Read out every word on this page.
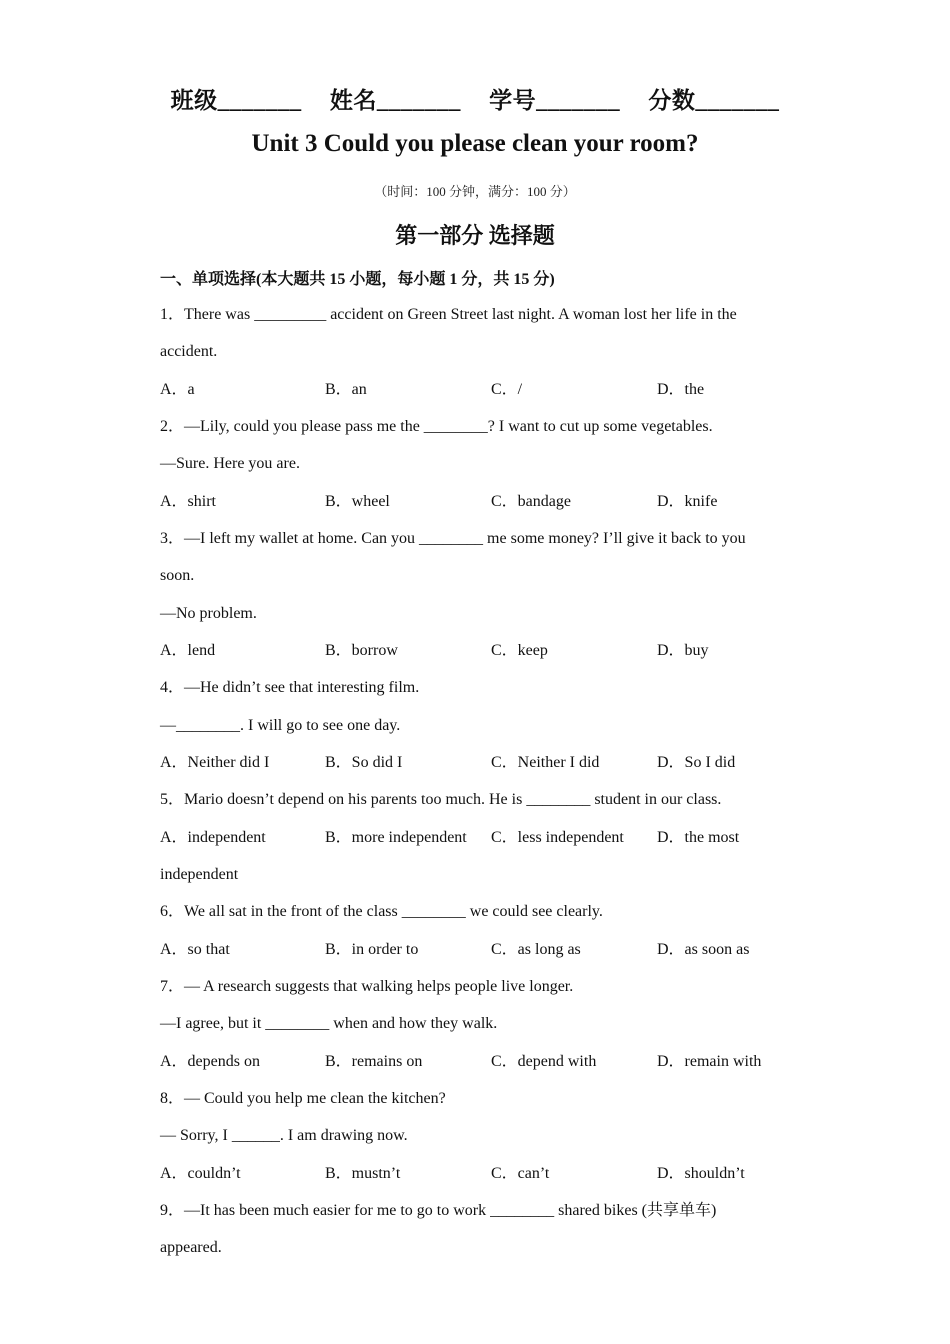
班级_______ 姓名_______ 学号_______ 分数_______
Unit 3 Could you please clean your room?
（时间：100 分钟，满分：100 分）
第一部分 选择题
一、单项选择(本大题共 15 小题，每小题 1 分，共 15 分)
1．There was _________ accident on Green Street last night. A woman lost her life in the
accident.
A．a	B．an	C．/	D．the
2．—Lily, could you please pass me the ________? I want to cut up some vegetables.
—Sure. Here you are.
A．shirt	B．wheel	C．bandage	D．knife
3．—I left my wallet at home. Can you ________ me some money? I’ll give it back to you
soon.
—No problem.
A．lend	B．borrow	C．keep	D．buy
4．—He didn’t see that interesting film.
—________. I will go to see one day.
A．Neither did I	B．So did I	C．Neither I did	D．So I did
5．Mario doesn’t depend on his parents too much. He is ________ student in our class.
A．independent	B．more independent C．less independent D．the most
independent
6．We all sat in the front of the class ________ we could see clearly.
A．so that	B．in order to	C．as long as	D．as soon as
7．— A research suggests that walking helps people live longer.
—I agree, but it ________ when and how they walk.
A．depends on	B．remains on	C．depend with	D．remain with
8．— Could you help me clean the kitchen?
— Sorry, I ______. I am drawing now.
A．couldn’t	B．mustn’t	C．can’t	D．shouldn’t
9．—It has been much easier for me to go to work ________ shared bikes (共享单车)
appeared.
